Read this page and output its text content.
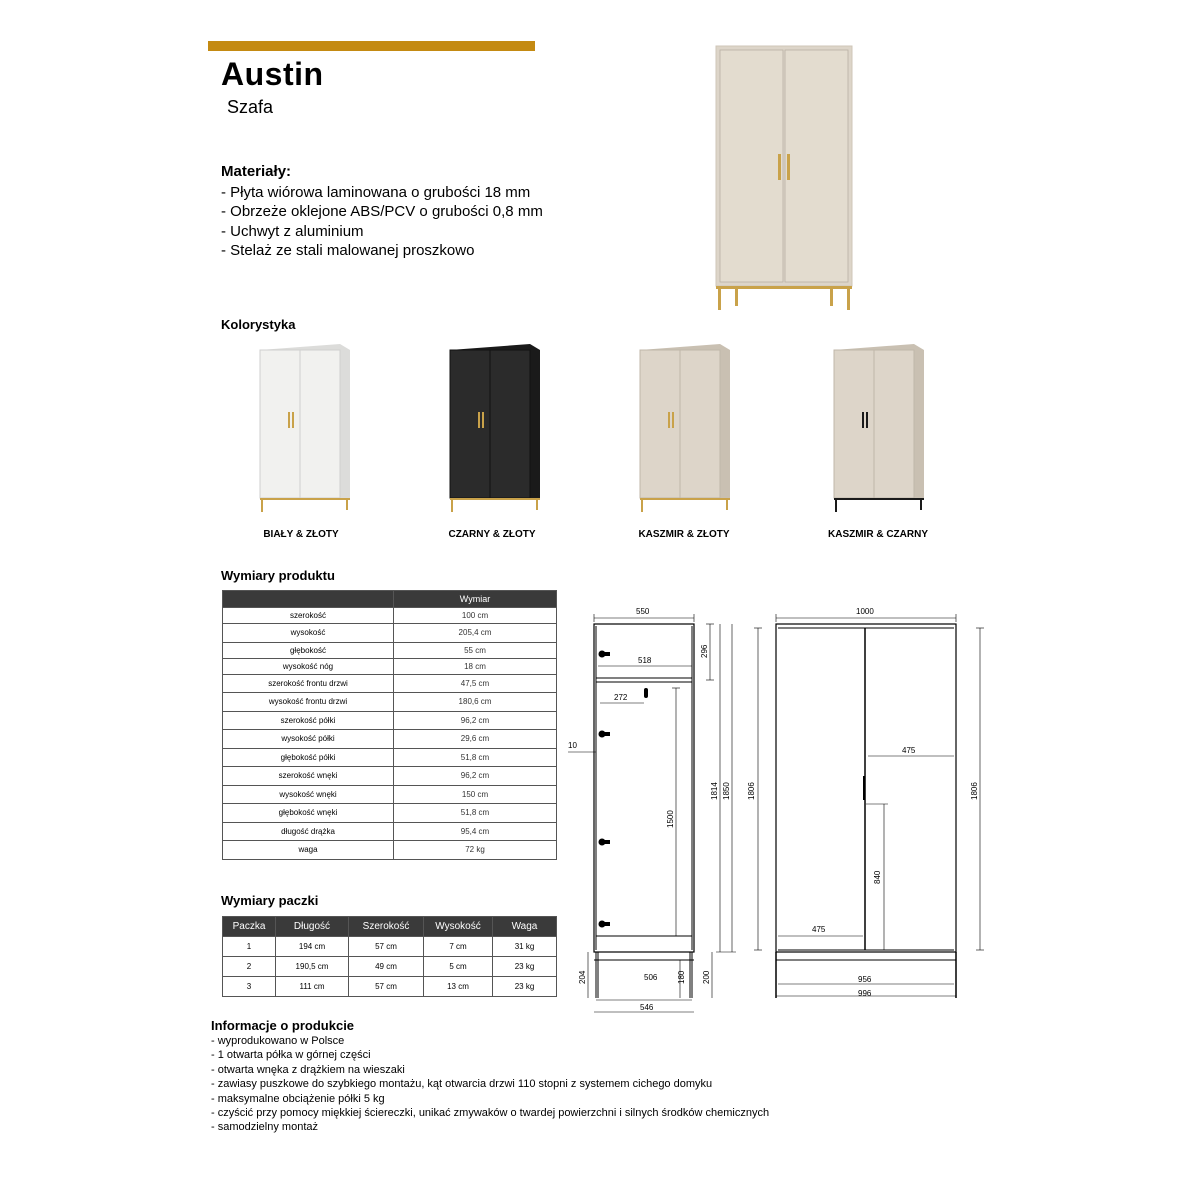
Austin
Szafa
Materiały:
- Płyta wiórowa laminowana o grubości 18 mm
- Obrzeże oklejone ABS/PCV o grubości 0,8 mm
- Uchwyt z aluminium
- Stelaż ze stali malowanej proszkowo
Kolorystyka
BIAŁY & ZŁOTY	CZARNY & ZŁOTY	KASZMIR & ZŁOTY	KASZMIR & CZARNY
Wymiary produktu
	Wymiar
szerokość	100 cm
wysokość	205,4 cm
głębokość	55 cm
wysokość nóg	18 cm
szerokość frontu drzwi	47,5 cm
wysokość frontu drzwi	180,6 cm
szerokość półki	96,2 cm
wysokość półki	29,6 cm
głębokość półki	51,8 cm
szerokość wnęki	96,2 cm
wysokość wnęki	150 cm
głębokość wnęki	51,8 cm
długość drążka	95,4 cm
waga	72 kg
Wymiary paczki
Paczka	Długość	Szerokość	Wysokość	Waga
1	194 cm	57 cm	7 cm	31 kg
2	190,5 cm	49 cm	5 cm	23 kg
3	111 cm	57 cm	13 cm	23 kg
550
518
272
10
506
546
296
1500
1814 1850
204	180 200
1000
475
475
956
996
1806	1806
840
Informacje o produkcie
- wyprodukowano w Polsce
- 1 otwarta półka w górnej części
- otwarta wnęka z drążkiem na wieszaki
- zawiasy puszkowe do szybkiego montażu, kąt otwarcia drzwi 110 stopni z systemem cichego domyku
- maksymalne obciążenie półki 5 kg
- czyścić przy pomocy miękkiej ściereczki, unikać zmywaków o twardej powierzchni i silnych środków chemicznych
- samodzielny montaż
